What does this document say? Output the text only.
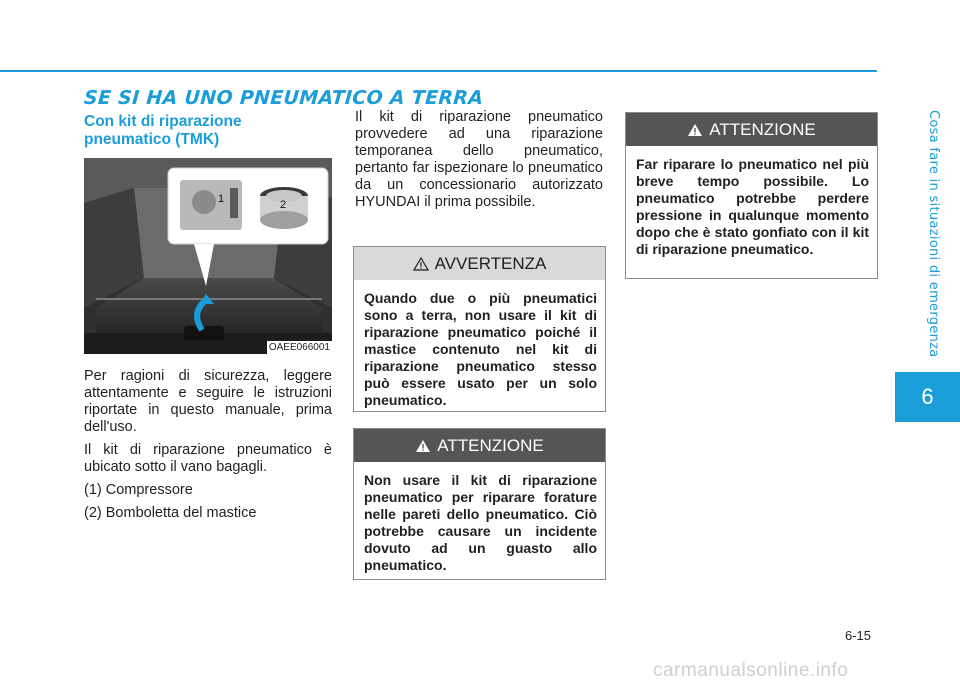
Cosa fare in situazioni di emergenza
6
SE SI HA UNO PNEUMATICO A TERRA
Con kit di riparazione pneumatico (TMK)
1	2
OAEE066001

Per ragioni di sicurezza, leggere attentamente e seguire le istruzioni riportate in questo manuale, prima dell'uso.

Il kit di riparazione pneumatico è ubicato sotto il vano bagagli.

(1) Compressore

(2) Bomboletta del mastice

Il kit di riparazione pneumatico provvedere ad una riparazione temporanea dello pneumatico, pertanto far ispezionare lo pneumatico da un concessionario autorizzato HYUNDAI il prima possibile.

AVVERTENZA
Quando due o più pneumatici sono a terra, non usare il kit di riparazione pneumatico poiché il mastice contenuto nel kit di riparazione pneumatico stesso può essere usato per un solo pneumatico.
ATTENZIONE
Non usare il kit di riparazione pneumatico per riparare forature nelle pareti dello pneumatico. Ciò potrebbe causare un incidente dovuto ad un guasto allo pneumatico.
ATTENZIONE
Far riparare lo pneumatico nel più breve tempo possibile. Lo pneumatico potrebbe perdere pressione in qualunque momento dopo che è stato gonfiato con il kit di riparazione pneumatico.
6-15
carmanualsonline.info
